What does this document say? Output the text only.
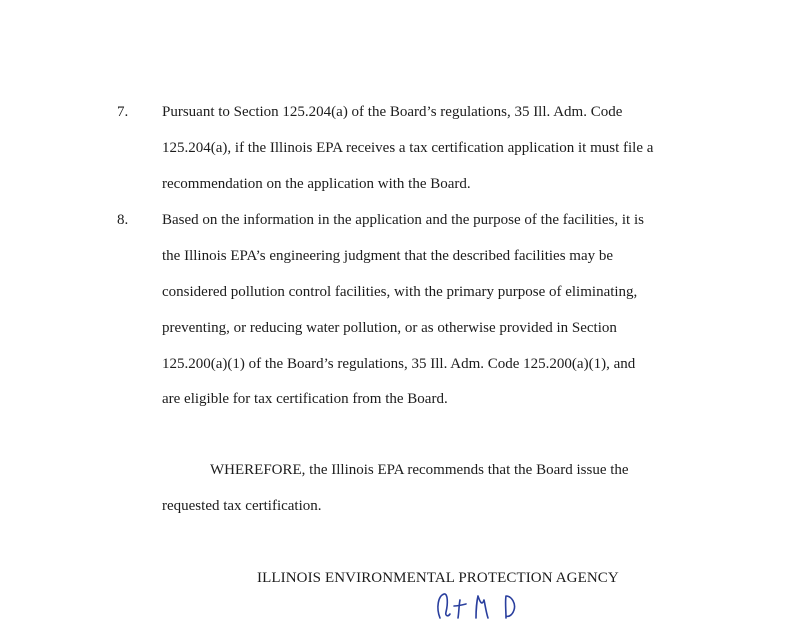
7. Pursuant to Section 125.204(a) of the Board’s regulations, 35 Ill. Adm. Code
125.204(a), if the Illinois EPA receives a tax certification application it must file a
recommendation on the application with the Board.
8. Based on the information in the application and the purpose of the facilities, it is
the Illinois EPA’s engineering judgment that the described facilities may be
considered pollution control facilities, with the primary purpose of eliminating,
preventing, or reducing water pollution, or as otherwise provided in Section
125.200(a)(1) of the Board’s regulations, 35 Ill. Adm. Code 125.200(a)(1), and
are eligible for tax certification from the Board.
WHEREFORE, the Illinois EPA recommends that the Board issue the
requested tax certification.
ILLINOIS ENVIRONMENTAL PROTECTION AGENCY
